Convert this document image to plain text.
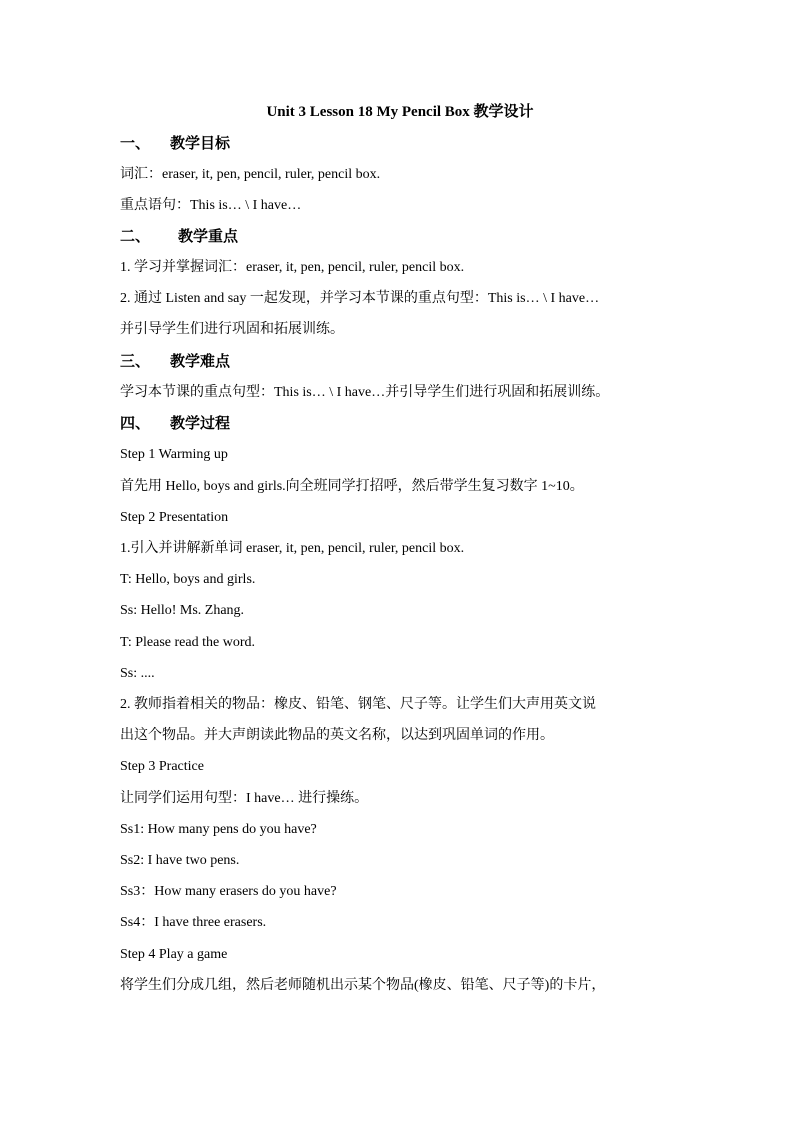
Unit 3 Lesson 18 My Pencil Box 教学设计
一、 教学目标
词汇：eraser, it, pen, pencil, ruler, pencil box.
重点语句：This is… \ I have…
二、 教学重点
1. 学习并掌握词汇：eraser, it, pen, pencil, ruler, pencil box.
2. 通过 Listen and say 一起发现，并学习本节课的重点句型：This is… \ I have…
并引导学生们进行巩固和拓展训练。
三、 教学难点
学习本节课的重点句型：This is… \ I have…并引导学生们进行巩固和拓展训练。
四、 教学过程
Step 1 Warming up
首先用 Hello, boys and girls.向全班同学打招呼，然后带学生复习数字 1~10。
Step 2 Presentation
1.引入并讲解新单词 eraser, it, pen, pencil, ruler, pencil box.
T: Hello, boys and girls.
Ss: Hello! Ms. Zhang.
T: Please read the word.
Ss: ....
2. 教师指着相关的物品：橡皮、铅笔、钢笔、尺子等。让学生们大声用英文说
出这个物品。并大声朗读此物品的英文名称，以达到巩固单词的作用。
Step 3 Practice
让同学们运用句型：I have… 进行操练。
Ss1: How many pens do you have?
Ss2: I have two pens.
Ss3：How many erasers do you have?
Ss4：I have three erasers.
Step 4 Play a game
将学生们分成几组，然后老师随机出示某个物品(橡皮、铅笔、尺子等)的卡片，
